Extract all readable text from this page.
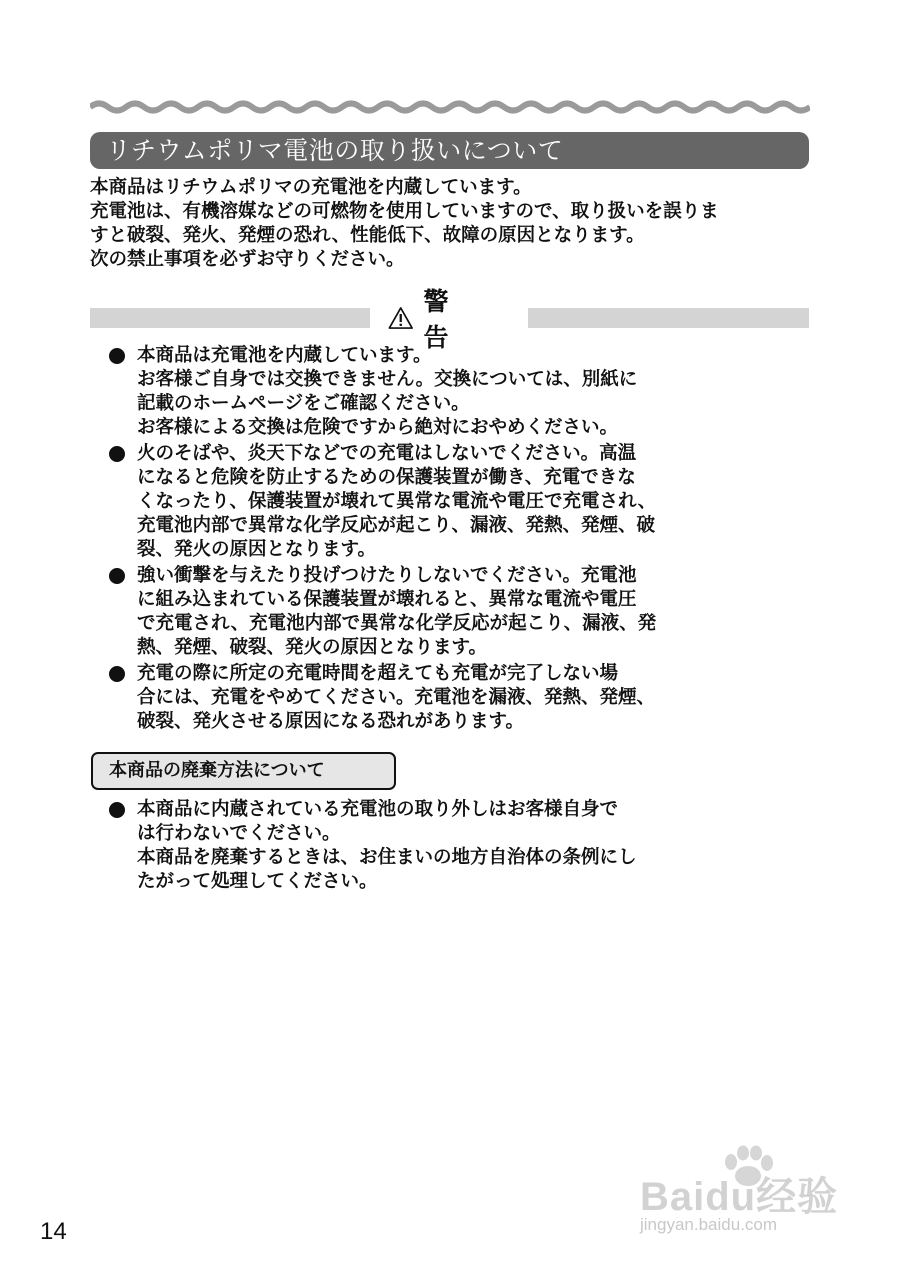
リチウムポリマ電池の取り扱いについて

本商品はリチウムポリマの充電池を内蔵しています。

充電池は、有機溶媒などの可燃物を使用していますので、取り扱いを誤りま

すと破裂、発火、発煙の恐れ、性能低下、故障の原因となります。

次の禁止事項を必ずお守りください。

警　告
本商品は充電池を内蔵しています。
お客様ご自身では交換できません。交換については、別紙に
記載のホームページをご確認ください。
お客様による交換は危険ですから絶対におやめください。
火のそばや、炎天下などでの充電はしないでください。高温
になると危険を防止するための保護装置が働き、充電できな
くなったり、保護装置が壊れて異常な電流や電圧で充電され、
充電池内部で異常な化学反応が起こり、漏液、発熱、発煙、破
裂、発火の原因となります。
強い衝撃を与えたり投げつけたりしないでください。充電池
に組み込まれている保護装置が壊れると、異常な電流や電圧
で充電され、充電池内部で異常な化学反応が起こり、漏液、発
熱、発煙、破裂、発火の原因となります。
充電の際に所定の充電時間を超えても充電が完了しない場
合には、充電をやめてください。充電池を漏液、発熱、発煙、
破裂、発火させる原因になる恐れがあります。
本商品の廃棄方法について
本商品に内蔵されている充電池の取り外しはお客様自身で
は行わないでください。
本商品を廃棄するときは、お住まいの地方自治体の条例にし
たがって処理してください。
14
Baidu经验
jingyan.baidu.com
